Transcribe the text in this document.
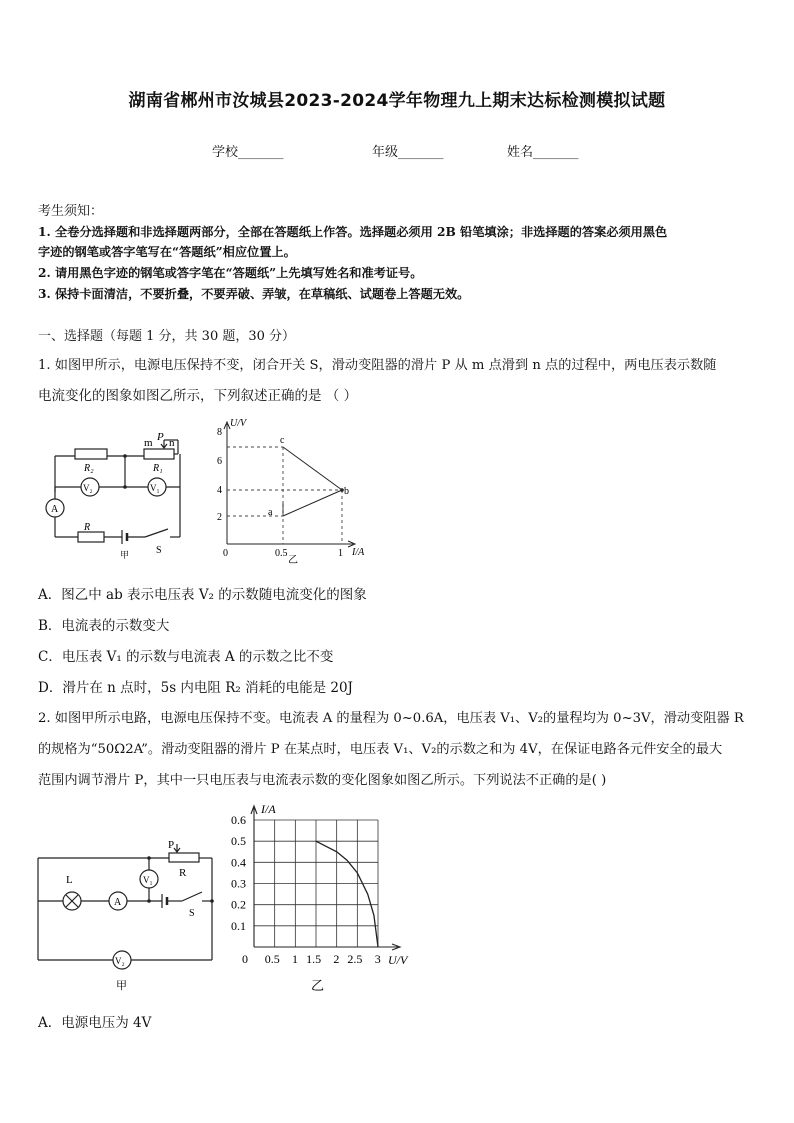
湖南省郴州市汝城县2023-2024学年物理九上期末达标检测模拟试题
学校_______	年级_______	姓名_______
考生须知：
1. 全卷分选择题和非选择题两部分，全部在答题纸上作答。选择题必须用 2B 铅笔填涂；非选择题的答案必须用黑色
字迹的钢笔或答字笔写在“答题纸”相应位置上。
2. 请用黑色字迹的钢笔或答字笔在“答题纸”上先填写姓名和准考证号。
3. 保持卡面清洁，不要折叠，不要弄破、弄皱，在草稿纸、试题卷上答题无效。
一、选择题（每题 1 分，共 30 题，30 分）
1. 如图甲所示，电源电压保持不变，闭合开关 S，滑动变阻器的滑片 P 从 m 点滑到 n 点的过程中，两电压表示数随
电流变化的图象如图乙所示，下列叙述正确的是 （ ）
m P n
R₂	R₁
V₂	V₁
A
R
S
甲
U/V
8
6
4
2
0	0.5	1 I/A
c
b
a
乙
A．图乙中 ab 表示电压表 V₂ 的示数随电流变化的图象
B．电流表的示数变大
C．电压表 V₁ 的示数与电流表 A 的示数之比不变
D．滑片在 n 点时，5s 内电阻 R₂ 消耗的电能是 20J
2. 如图甲所示电路，电源电压保持不变。电流表 A 的量程为 0~0.6A，电压表 V₁、V₂的量程均为 0~3V，滑动变阻器 R
的规格为“50Ω2A”。滑动变阻器的滑片 P 在某点时，电压表 V₁、V₂的示数之和为 4V，在保证电路各元件安全的最大
范围内调节滑片 P，其中一只电压表与电流表示数的变化图象如图乙所示。下列说法不正确的是( )
P
R
L	V₁
A
S
V₂
甲
0.6
0.5
0.4
0.3
0.2
0.1
0 0.5 1 1.5 2 2.5 3
I/A
U/V
乙
A．电源电压为 4V
